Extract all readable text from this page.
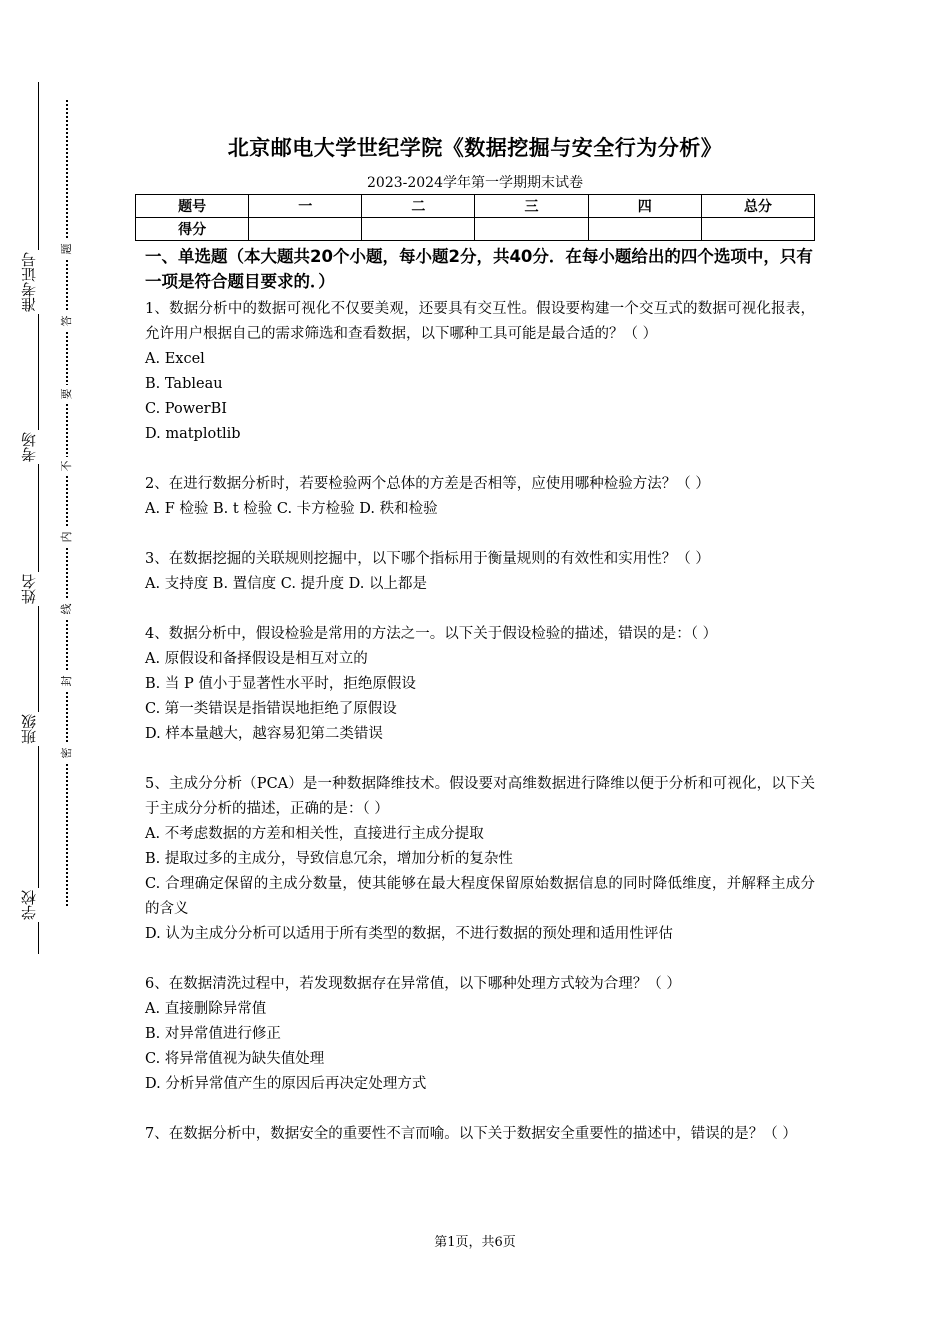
准考证号
考场
姓名
班级
学校
题
答
要
不
内
线
封
密
北京邮电大学世纪学院《数据挖掘与安全行为分析》
2023-2024学年第一学期期末试卷
题号	一	二	三	四	总分
得分					
一、单选题（本大题共20个小题，每小题2分，共40分．在每小题给出的四个选项中，只有一项是符合题目要求的．）
1、数据分析中的数据可视化不仅要美观，还要具有交互性。假设要构建一个交互式的数据可视化报表，允许用户根据自己的需求筛选和查看数据，以下哪种工具可能是最合适的？（ ）
A. Excel
B. Tableau
C. PowerBI
D. matplotlib
2、在进行数据分析时，若要检验两个总体的方差是否相等，应使用哪种检验方法？（ ）
A. F 检验 B. t 检验 C. 卡方检验 D. 秩和检验
3、在数据挖掘的关联规则挖掘中，以下哪个指标用于衡量规则的有效性和实用性？（ ）
A. 支持度 B. 置信度 C. 提升度 D. 以上都是
4、数据分析中，假设检验是常用的方法之一。以下关于假设检验的描述，错误的是：（ ）
A. 原假设和备择假设是相互对立的
B. 当 P 值小于显著性水平时，拒绝原假设
C. 第一类错误是指错误地拒绝了原假设
D. 样本量越大，越容易犯第二类错误
5、主成分分析（PCA）是一种数据降维技术。假设要对高维数据进行降维以便于分析和可视化，以下关于主成分分析的描述，正确的是：（ ）
A. 不考虑数据的方差和相关性，直接进行主成分提取
B. 提取过多的主成分，导致信息冗余，增加分析的复杂性
C. 合理确定保留的主成分数量，使其能够在最大程度保留原始数据信息的同时降低维度，并解释主成分的含义
D. 认为主成分分析可以适用于所有类型的数据，不进行数据的预处理和适用性评估
6、在数据清洗过程中，若发现数据存在异常值，以下哪种处理方式较为合理？（ ）
A. 直接删除异常值
B. 对异常值进行修正
C. 将异常值视为缺失值处理
D. 分析异常值产生的原因后再决定处理方式
7、在数据分析中，数据安全的重要性不言而喻。以下关于数据安全重要性的描述中，错误的是？（ ）
第1页，共6页
